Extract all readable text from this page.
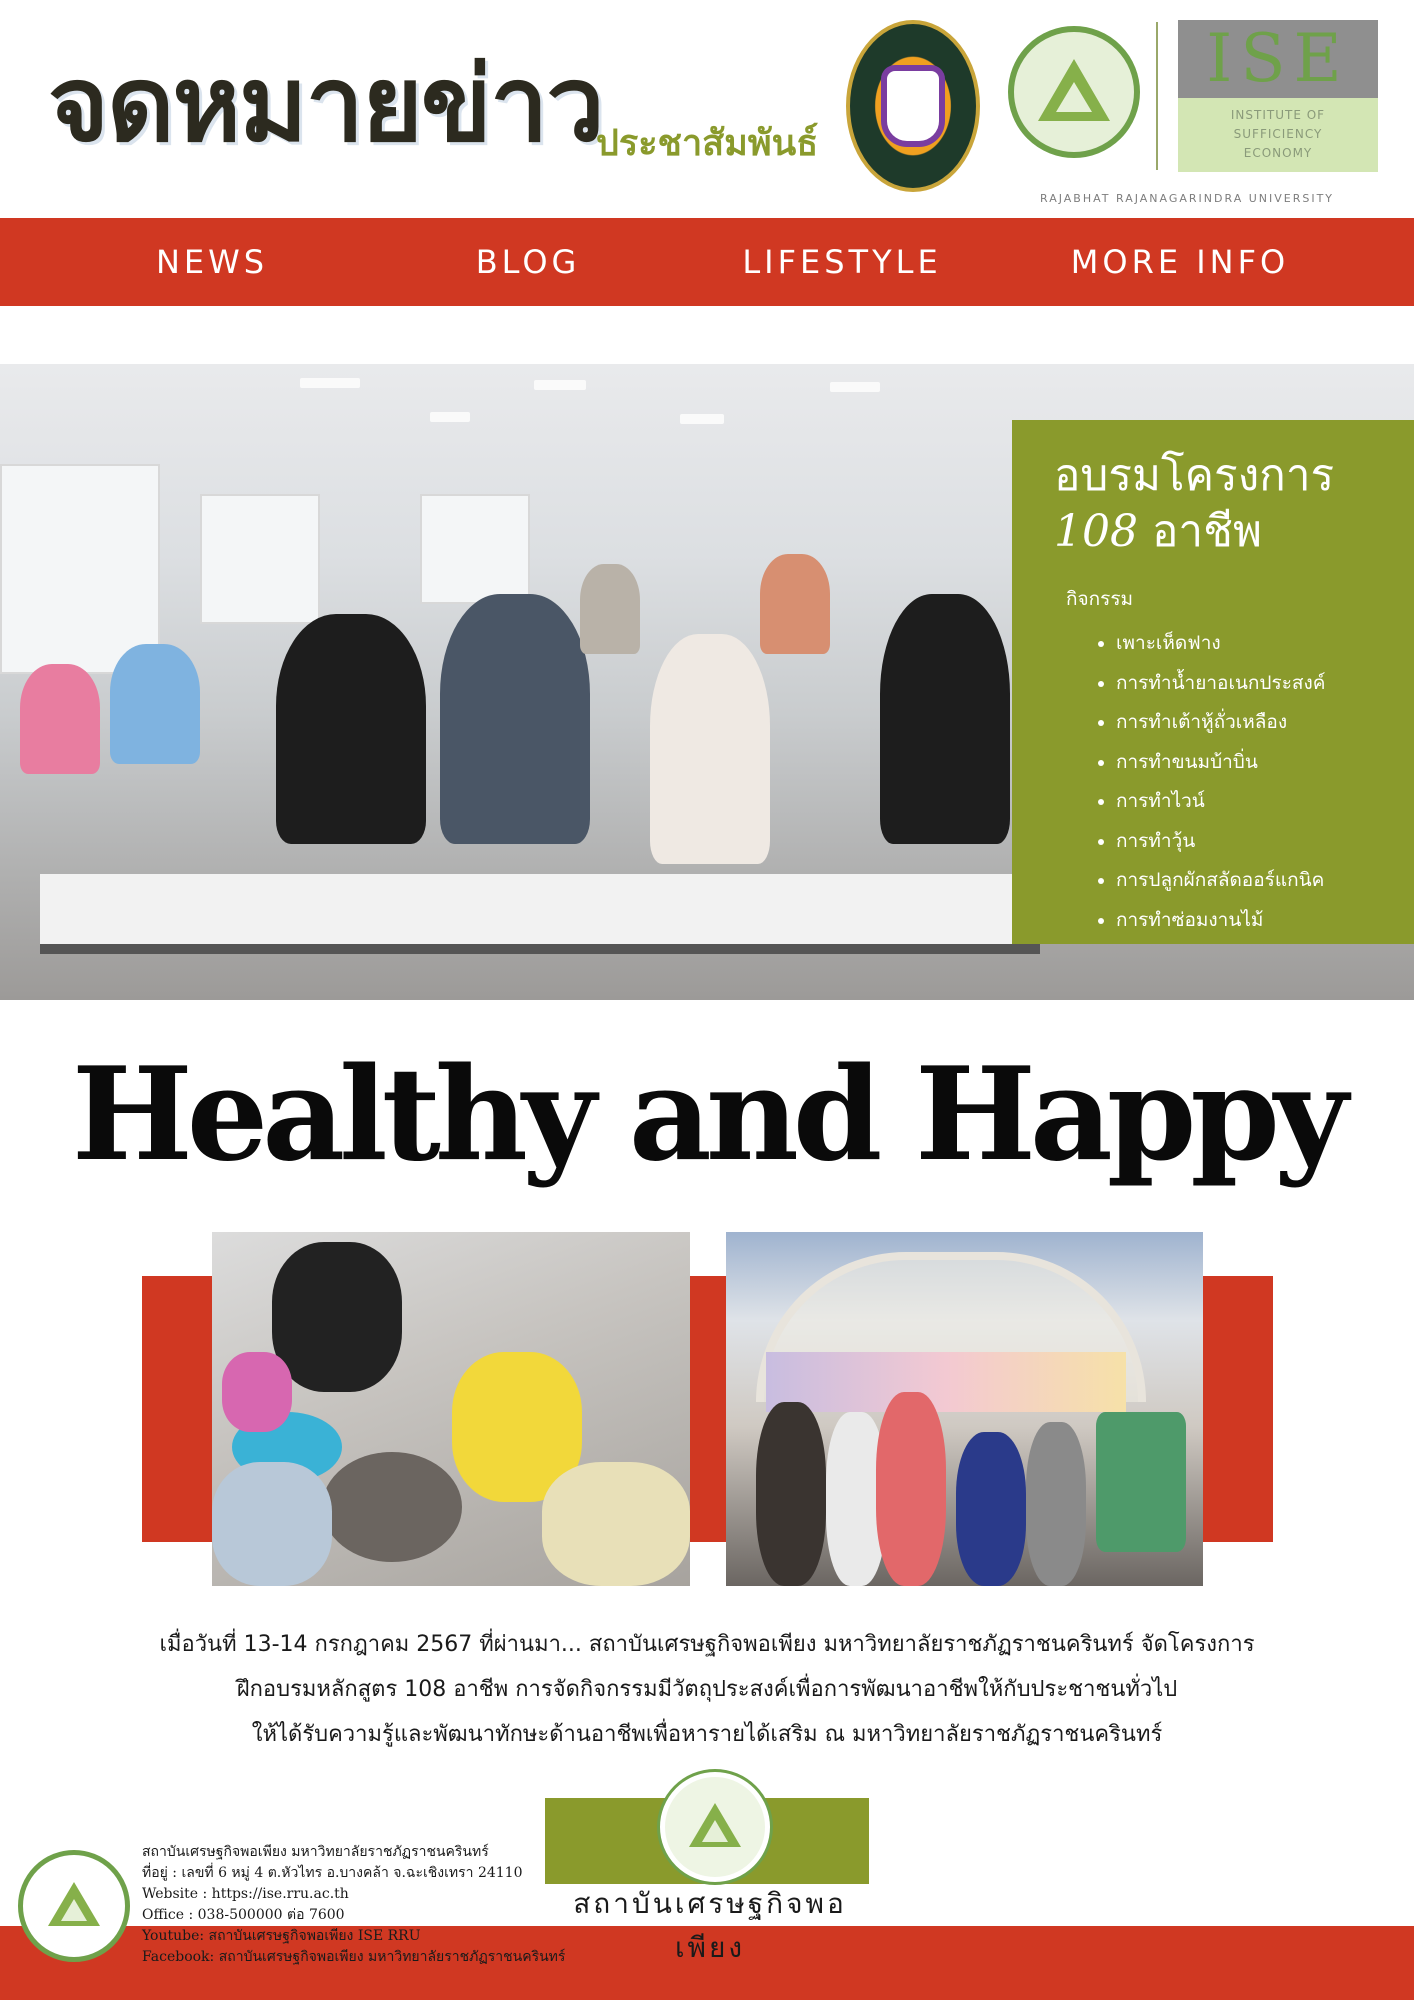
จดหมายข่าว
ประชาสัมพันธ์
ISE
INSTITUTE OF
SUFFICIENCY
ECONOMY
RAJABHAT RAJANAGARINDRA UNIVERSITY
NEWS	BLOG	LIFESTYLE	MORE INFO
อบรมโครงการ
108 อาชีพ
กิจกรรม
• เพาะเห็ดฟาง
• การทำน้ำยาอเนกประสงค์
• การทำเต้าหู้ถั่วเหลือง
• การทำขนมบ้าบิ่น
• การทำไวน์
• การทำวุ้น
• การปลูกผักสลัดออร์แกนิค
• การทำซ่อมงานไม้
Healthy and Happy
เมื่อวันที่ 13-14 กรกฎาคม 2567 ที่ผ่านมา... สถาบันเศรษฐกิจพอเพียง มหาวิทยาลัยราชภัฏราชนครินทร์ จัดโครงการ
ฝึกอบรมหลักสูตร 108 อาชีพ การจัดกิจกรรมมีวัตถุประสงค์เพื่อการพัฒนาอาชีพให้กับประชาชนทั่วไป
ให้ได้รับความรู้และพัฒนาทักษะด้านอาชีพเพื่อหารายได้เสริม ณ มหาวิทยาลัยราชภัฏราชนครินทร์
สถาบันเศรษฐกิจพอเพียง มหาวิทยาลัยราชภัฏราชนครินทร์
ที่อยู่ : เลขที่ 6 หมู่ 4 ต.หัวไทร อ.บางคล้า จ.ฉะเชิงเทรา 24110
Website : https://ise.rru.ac.th
Office : 038-500000 ต่อ 7600
Youtube: สถาบันเศรษฐกิจพอเพียง ISE RRU
Facebook: สถาบันเศรษฐกิจพอเพียง มหาวิทยาลัยราชภัฏราชนครินทร์
สถาบันเศรษฐกิจพอเพียง
